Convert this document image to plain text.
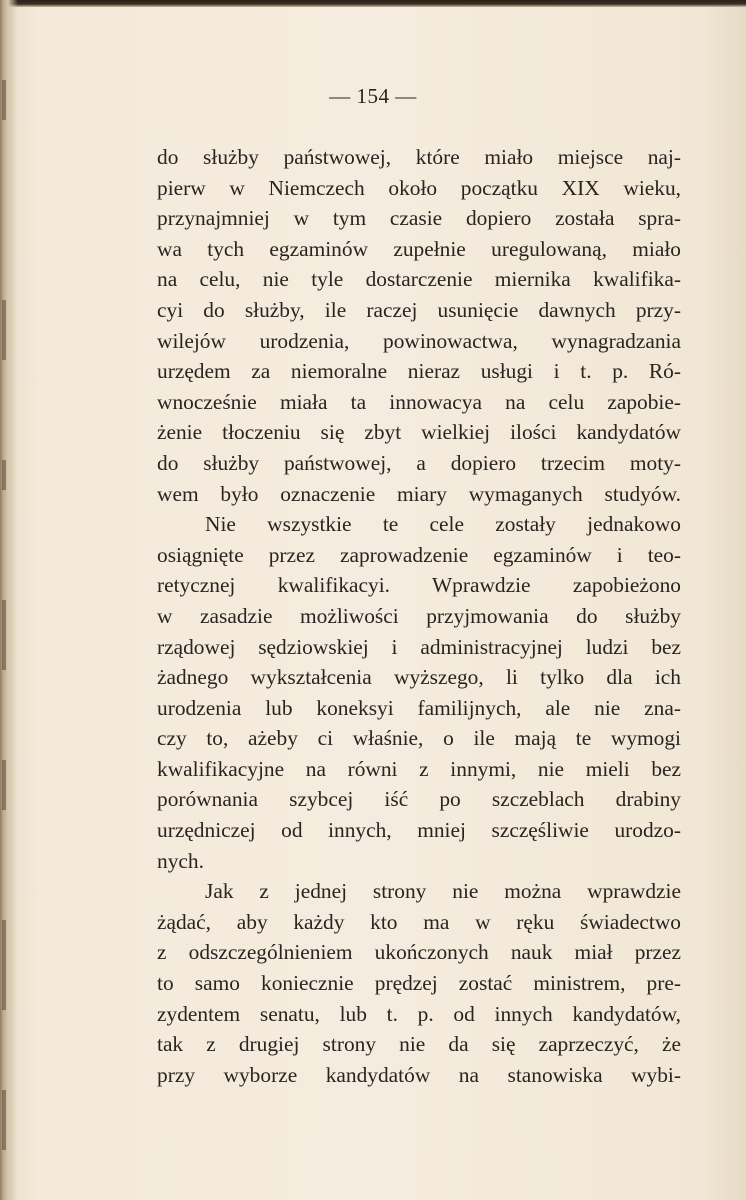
— 154 —
do służby państwowej, które miało miejsce naj-
pierw w Niemczech około początku XIX wieku,
przynajmniej w tym czasie dopiero została spra-
wa tych egzaminów zupełnie uregulowaną, miało
na celu, nie tyle dostarczenie miernika kwalifika-
cyi do służby, ile raczej usunięcie dawnych przy-
wilejów urodzenia, powinowactwa, wynagradzania
urzędem za niemoralne nieraz usługi i t. p. Ró-
wnocześnie miała ta innowacya na celu zapobie-
żenie tłoczeniu się zbyt wielkiej ilości kandydatów
do służby państwowej, a dopiero trzecim moty-
wem było oznaczenie miary wymaganych studyów.
Nie wszystkie te cele zostały jednakowo
osiągnięte przez zaprowadzenie egzaminów i teo-
retycznej kwalifikacyi. Wprawdzie zapobieżono
w zasadzie możliwości przyjmowania do służby
rządowej sędziowskiej i administracyjnej ludzi bez
żadnego wykształcenia wyższego, li tylko dla ich
urodzenia lub koneksyi familijnych, ale nie zna-
czy to, ażeby ci właśnie, o ile mają te wymogi
kwalifikacyjne na równi z innymi, nie mieli bez
porównania szybcej iść po szczeblach drabiny
urzędniczej od innych, mniej szczęśliwie urodzo-
nych.
Jak z jednej strony nie można wprawdzie
żądać, aby każdy kto ma w ręku świadectwo
z odszczególnieniem ukończonych nauk miał przez
to samo koniecznie prędzej zostać ministrem, pre-
zydentem senatu, lub t. p. od innych kandydatów,
tak z drugiej strony nie da się zaprzeczyć, że
przy wyborze kandydatów na stanowiska wybi-
